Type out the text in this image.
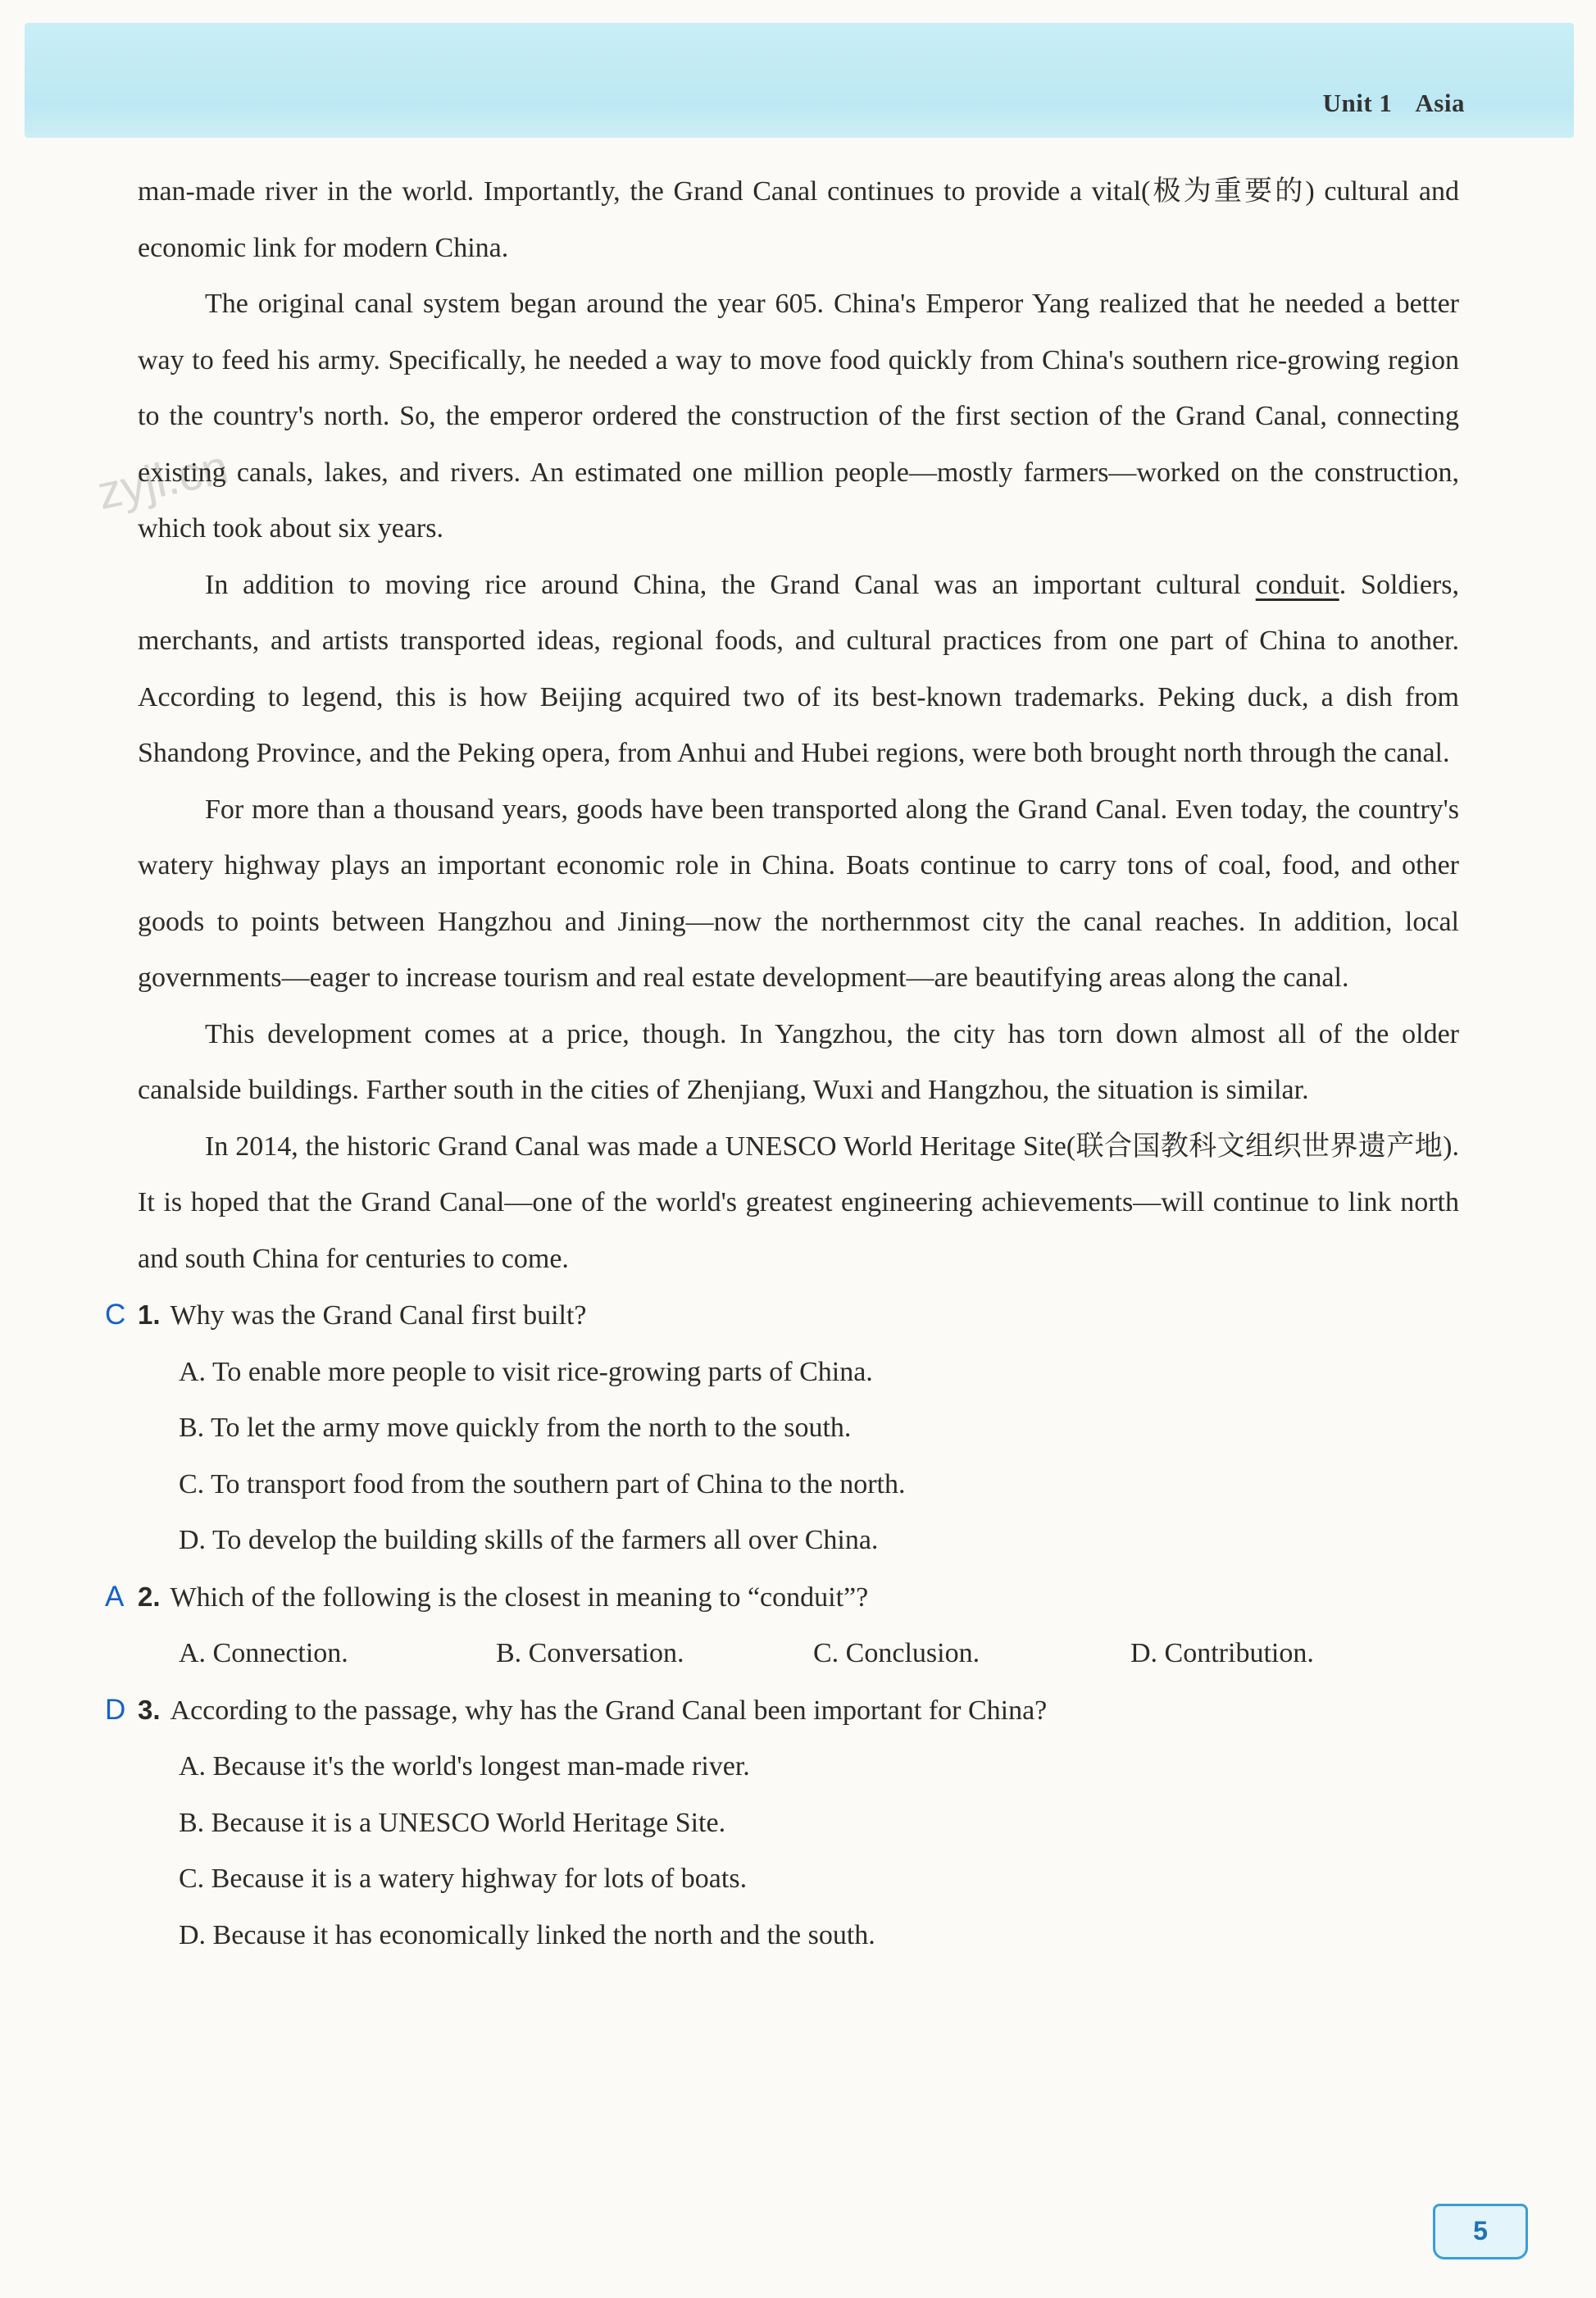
Unit 1 Asia
zyjl.cn

man-made river in the world. Importantly, the Grand Canal continues to provide a vital(极为重要的) cultural and economic link for modern China.

The original canal system began around the year 605. China's Emperor Yang realized that he needed a better way to feed his army. Specifically, he needed a way to move food quickly from China's southern rice-growing region to the country's north. So, the emperor ordered the construction of the first section of the Grand Canal, connecting existing canals, lakes, and rivers. An estimated one million people—mostly farmers—worked on the construction, which took about six years.

In addition to moving rice around China, the Grand Canal was an important cultural conduit. Soldiers, merchants, and artists transported ideas, regional foods, and cultural practices from one part of China to another. According to legend, this is how Beijing acquired two of its best-known trademarks. Peking duck, a dish from Shandong Province, and the Peking opera, from Anhui and Hubei regions, were both brought north through the canal.

For more than a thousand years, goods have been transported along the Grand Canal. Even today, the country's watery highway plays an important economic role in China. Boats continue to carry tons of coal, food, and other goods to points between Hangzhou and Jining—now the northernmost city the canal reaches. In addition, local governments—eager to increase tourism and real estate development—are beautifying areas along the canal.

This development comes at a price, though. In Yangzhou, the city has torn down almost all of the older canalside buildings. Farther south in the cities of Zhenjiang, Wuxi and Hangzhou, the situation is similar.

In 2014, the historic Grand Canal was made a UNESCO World Heritage Site(联合国教科文组织世界遗产地). It is hoped that the Grand Canal—one of the world's greatest engineering achievements—will continue to link north and south China for centuries to come.

C 1. Why was the Grand Canal first built?
A. To enable more people to visit rice-growing parts of China.
B. To let the army move quickly from the north to the south.
C. To transport food from the southern part of China to the north.
D. To develop the building skills of the farmers all over China.
A 2. Which of the following is the closest in meaning to “conduit”?
A. Connection.	B. Conversation.	C. Conclusion.	D. Contribution.
D 3. According to the passage, why has the Grand Canal been important for China?
A. Because it's the world's longest man-made river.
B. Because it is a UNESCO World Heritage Site.
C. Because it is a watery highway for lots of boats.
D. Because it has economically linked the north and the south.
5
